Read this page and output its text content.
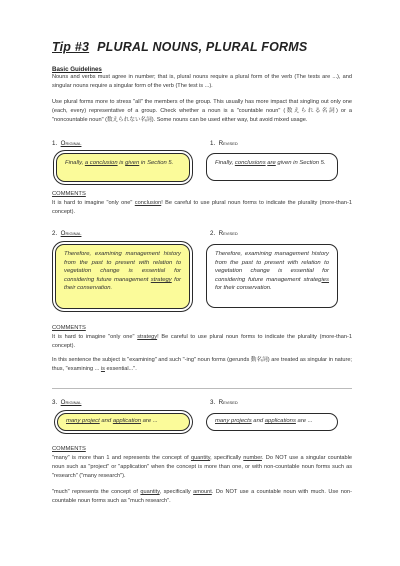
Tip #3 PLURAL NOUNS, PLURAL FORMS
Basic Guidelines
Nouns and verbs must agree in number; that is, plural nouns require a plural form of the verb (The tests are ...), and singular nouns require a singular form of the verb (The test is ...).
Use plural forms more to stress "all" the members of the group. This usually has more impact that singling out only one (each, every) representative of a group. Check whether a noun is a "countable noun" (数えられる名詞) or a "noncountable noun" (数えられない名詞). Some nouns can be used either way, but avoid mixed usage.
1. Original	1. Revised
Finally, a conclusion is given in Section 5.	Finally, conclusions are given in Section 5.
COMMENTS
It is hard to imagine "only one" conclusion! Be careful to use plural noun forms to indicate the plurality (more-than-1 concept).
2. Original	2. Revised
Therefore, examining management history from the past to present with relation to vegetation change is essential for considering future management strategy for their conservation.
Therefore, examining management history from the past to present with relation to vegetation change is essential for considering future management strategies for their conservation.
COMMENTS
It is hard to imagine "only one" strategy! Be careful to use plural noun forms to indicate the plurality (more-than-1 concept).
In this sentence the subject is "examining" and such "-ing" noun forms (gerunds 動名詞) are treated as singular in nature; thus, "examining ... is essential...".
3. Original	3. Revised
many project and application are ...	many projects and applications are ...
COMMENTS
"many" is more than 1 and represents the concept of quantity, specifically number. Do NOT use a singular countable noun such as "project" or "application" when the concept is more than one, or with non-countable noun forms such as "research" ("many research").
"much" represents the concept of quantity, specifically amount. Do NOT use a countable noun with much. Use non-countable noun forms such as "much research".
